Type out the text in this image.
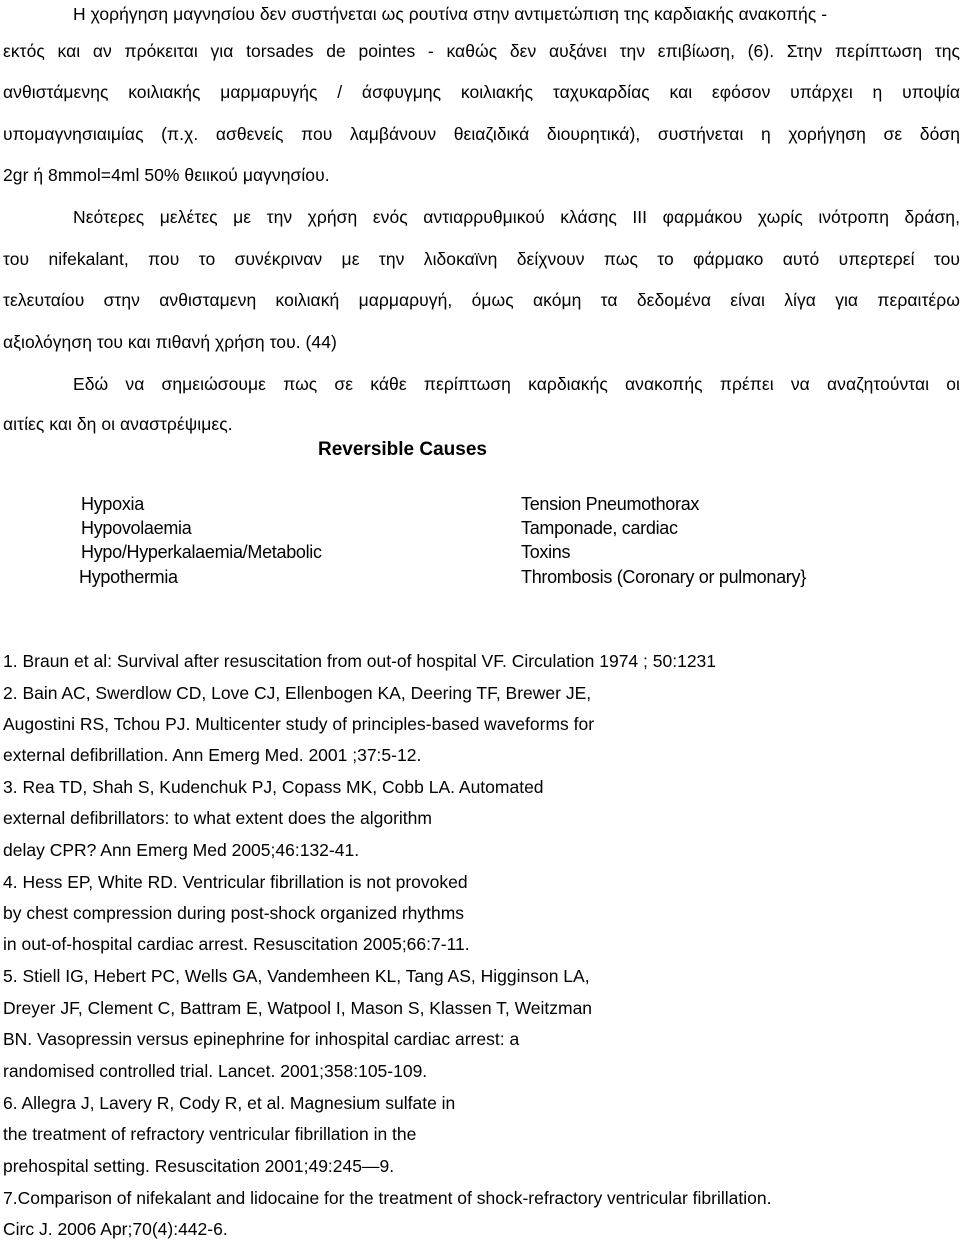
Η χορήγηση μαγνησίου δεν συστήνεται ως ρουτίνα στην αντιμετώπιση της καρδιακής ανακοπής -
εκτός και αν πρόκειται για torsades de pointes - καθώς δεν αυξάνει την επιβίωση, (6). Στην περίπτωση της
ανθιστάμενης κοιλιακής μαρμαρυγής / άσφυγμης κοιλιακής ταχυκαρδίας και εφόσον υπάρχει η υποψία
υπομαγνησιαιμίας (π.χ. ασθενείς που λαμβάνουν θειαζιδικά διουρητικά), συστήνεται η χορήγηση σε δόση
2gr ή 8mmol=4ml 50% θειικού μαγνησίου.
Νεότερες μελέτες με την χρήση ενός αντιαρρυθμικού κλάσης ΙΙΙ φαρμάκου χωρίς ινότροπη δράση,
του nifekalant, που το συνέκριναν με την λιδοκαϊνη δείχνουν πως το φάρμακο αυτό υπερτερεί του
τελευταίου στην ανθισταμενη κοιλιακή μαρμαρυγή, όμως ακόμη τα δεδομένα είναι λίγα για περαιτέρω
αξιολόγηση του και πιθανή χρήση του. (44)
Εδώ να σημειώσουμε πως σε κάθε περίπτωση καρδιακής ανακοπής πρέπει να αναζητούνται οι
αιτίες και δη οι αναστρέψιμες.
Reversible Causes
Hypoxia
Hypovolaemia
Hypo/Hyperkalaemia/Metabolic
Hypothermia
Tension Pneumothorax
Tamponade, cardiac
Toxins
Thrombosis (Coronary or pulmonary}
1. Braun et al: Survival after resuscitation from out-of hospital VF. Circulation 1974 ; 50:1231
2. Bain AC, Swerdlow CD, Love CJ, Ellenbogen KA, Deering TF, Brewer JE,
Augostini RS, Tchou PJ. Multicenter study of principles-based waveforms for
external defibrillation. Ann Emerg Med. 2001 ;37:5-12.
3. Rea TD, Shah S, Kudenchuk PJ, Copass MK, Cobb LA. Automated
external defibrillators: to what extent does the algorithm
delay CPR? Ann Emerg Med 2005;46:132-41.
4. Hess EP, White RD. Ventricular fibrillation is not provoked
by chest compression during post-shock organized rhythms
in out-of-hospital cardiac arrest. Resuscitation 2005;66:7-11.
5. Stiell IG, Hebert PC, Wells GA, Vandemheen KL, Tang AS, Higginson LA,
Dreyer JF, Clement C, Battram E, Watpool I, Mason S, Klassen T, Weitzman
BN. Vasopressin versus epinephrine for inhospital cardiac arrest: a
randomised controlled trial. Lancet. 2001;358:105-109.
6. Allegra J, Lavery R, Cody R, et al. Magnesium sulfate in
the treatment of refractory ventricular fibrillation in the
prehospital setting. Resuscitation 2001;49:245—9.
7.Comparison of nifekalant and lidocaine for the treatment of shock-refractory ventricular fibrillation.
Circ J. 2006 Apr;70(4):442-6.
